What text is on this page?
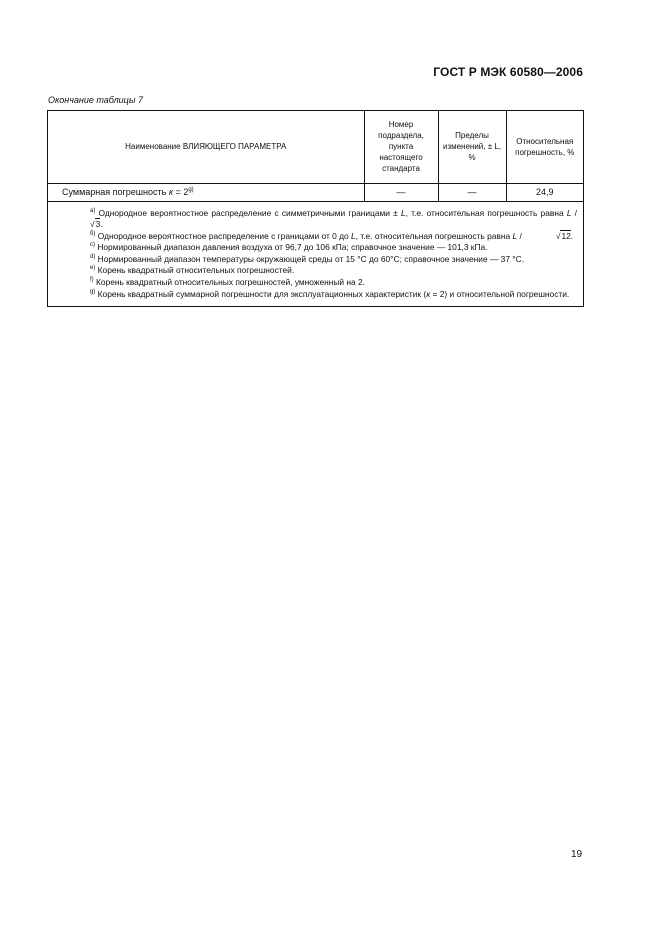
ГОСТ Р МЭК 60580—2006
Окончание таблицы 7
Наименование ВЛИЯЮЩЕГО ПАРАМЕТРА	Номер подраздела, пункта настоящего стандарта	Пределы изменений, ± L, %	Относительная погрешность, %
Суммарная погрешность $к = 2^{g)}$	—	—	24,9

$^{a)}$ Однородное вероятностное распределение с симметричными границами ± L, т.е. относительная погрешность равна L / √3.

$^{б)}$ Однородное вероятностное распределение с границами от 0 до L, т.е. относительная погрешность равна L /	√12.

$^{c)}$ Нормированный диапазон давления воздуха от 96,7 до 106 кПа; справочное значение — 101,3 кПа.

$^{d)}$ Нормированный диапазон температуры окружающей среды от 15 °С до 60°С; справочное значение — 37 °С.

$^{e)}$ Корень квадратный относительных погрешностей.

$^{f)}$ Корень квадратный относительных погрешностей, умноженный на 2.

$^{g)}$ Корень квадратный суммарной погрешности для эксплуатационных характеристик (к = 2) и относительной погрешности.

19
